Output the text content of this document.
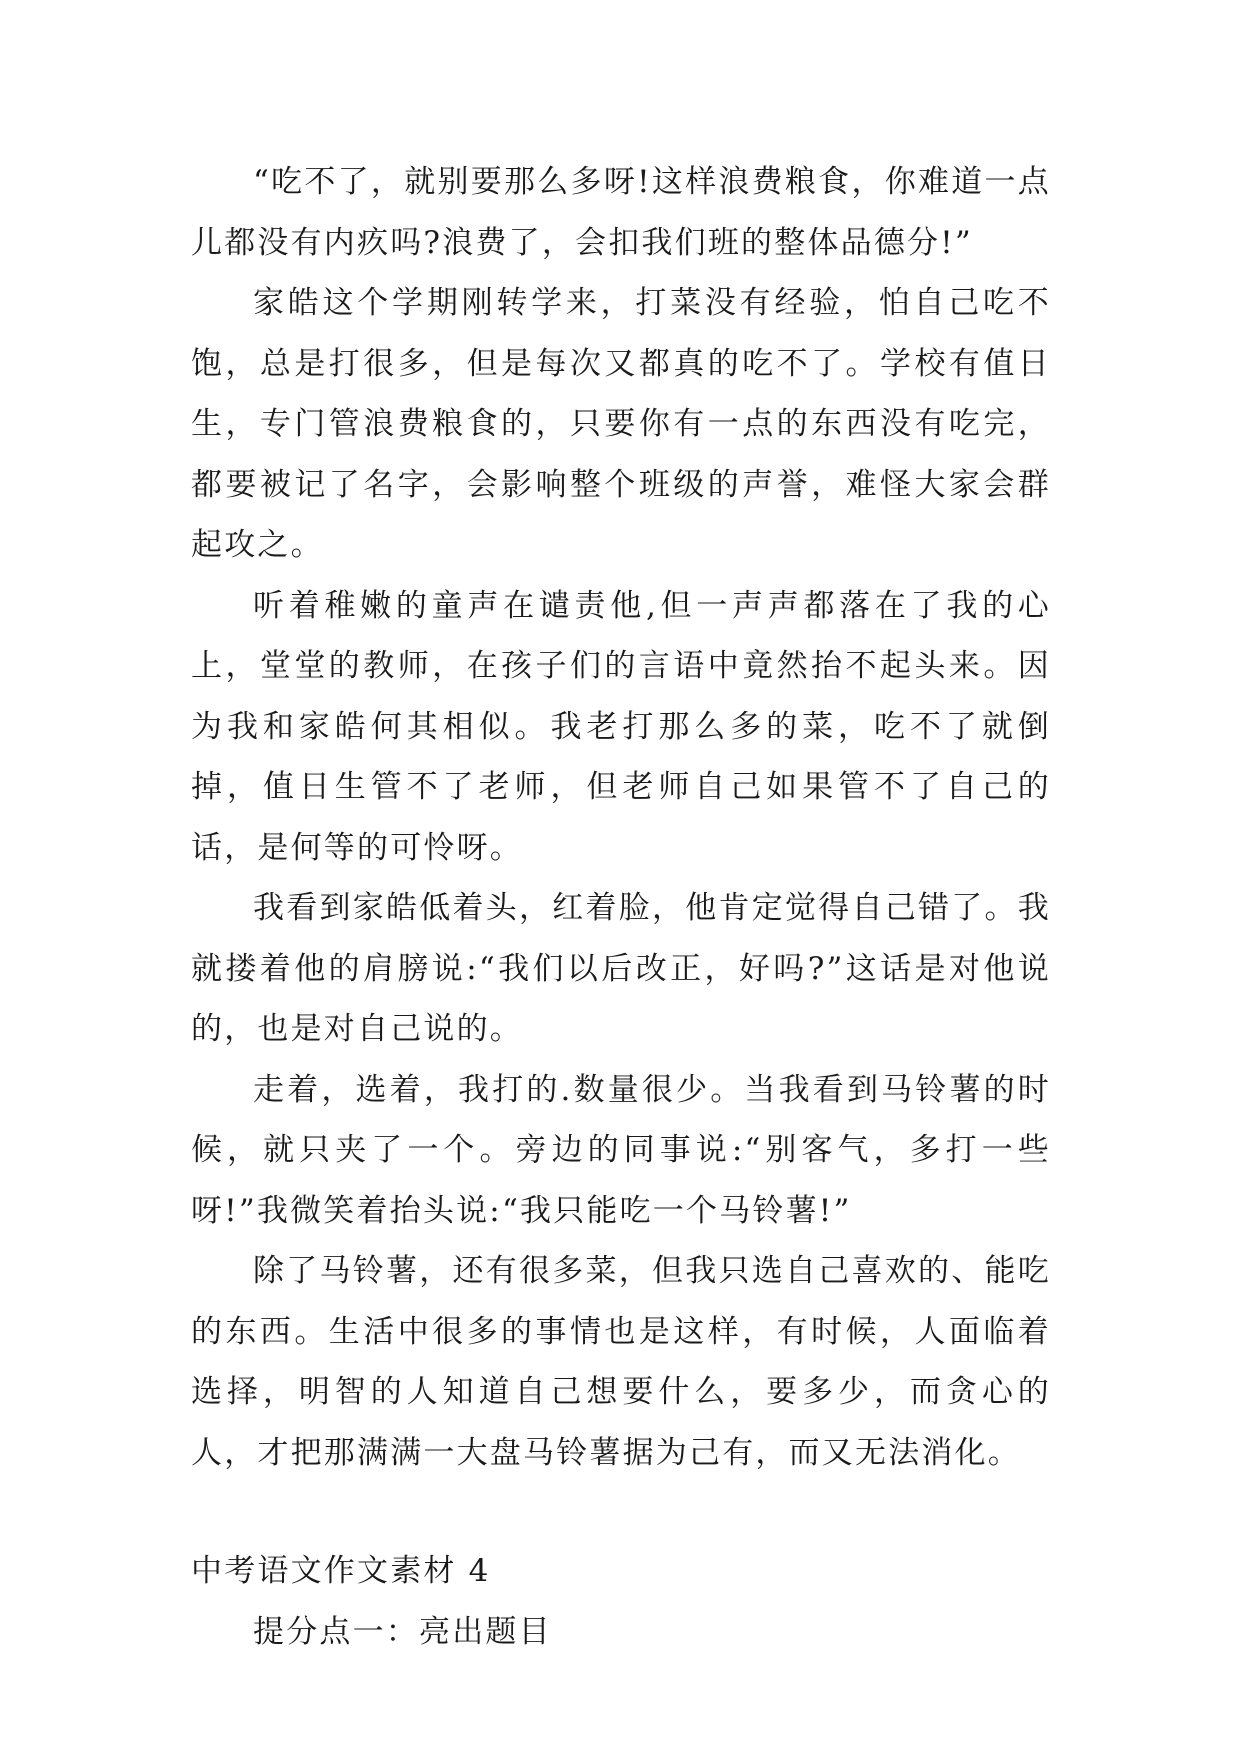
“吃不了，就别要那么多呀!这样浪费粮食，你难道一点儿都没有内疚吗?浪费了，会扣我们班的整体品德分!”

家皓这个学期刚转学来，打菜没有经验，怕自己吃不饱，总是打很多，但是每次又都真的吃不了。学校有值日生，专门管浪费粮食的，只要你有一点的东西没有吃完，都要被记了名字，会影响整个班级的声誉，难怪大家会群起攻之。

听着稚嫩的童声在谴责他,但一声声都落在了我的心上，堂堂的教师，在孩子们的言语中竟然抬不起头来。因为我和家皓何其相似。我老打那么多的菜，吃不了就倒掉，值日生管不了老师，但老师自己如果管不了自己的话，是何等的可怜呀。

我看到家皓低着头，红着脸，他肯定觉得自己错了。我就搂着他的肩膀说:“我们以后改正，好吗?”这话是对他说的，也是对自己说的。

走着，选着，我打的.数量很少。当我看到马铃薯的时候，就只夹了一个。旁边的同事说:“别客气，多打一些呀!”我微笑着抬头说:“我只能吃一个马铃薯!”

除了马铃薯，还有很多菜，但我只选自己喜欢的、能吃的东西。生活中很多的事情也是这样，有时候，人面临着选择，明智的人知道自己想要什么，要多少，而贪心的人，才把那满满一大盘马铃薯据为己有，而又无法消化。

中考语文作文素材 4

提分点一：亮出题目
